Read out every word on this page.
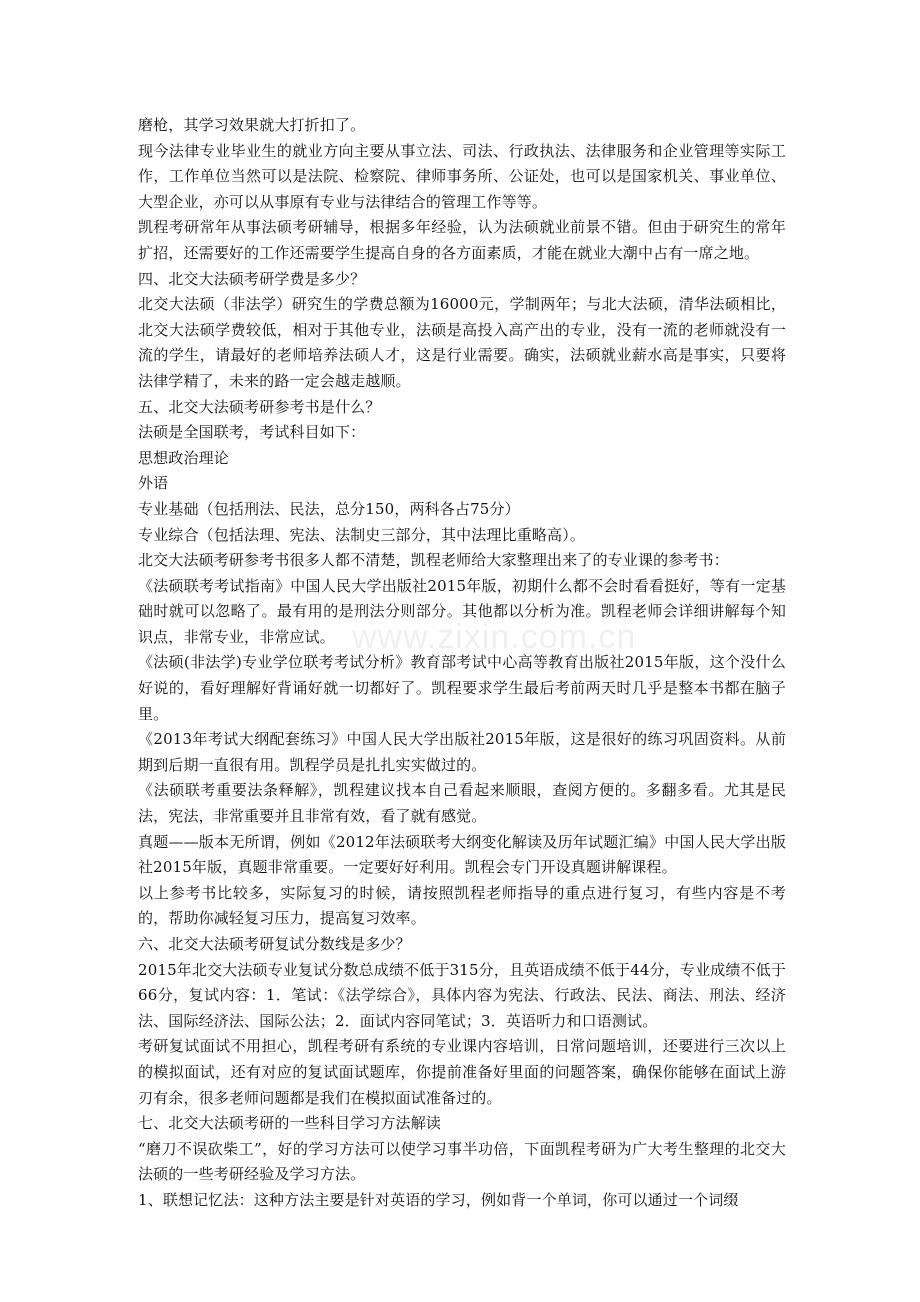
磨枪，其学习效果就大打折扣了。

现今法律专业毕业生的就业方向主要从事立法、司法、行政执法、法律服务和企业管理等实际工作，工作单位当然可以是法院、检察院、律师事务所、公证处，也可以是国家机关、事业单位、大型企业，亦可以从事原有专业与法律结合的管理工作等等。

凯程考研常年从事法硕考研辅导，根据多年经验，认为法硕就业前景不错。但由于研究生的常年扩招，还需要好的工作还需要学生提高自身的各方面素质，才能在就业大潮中占有一席之地。

四、北交大法硕考研学费是多少？

北交大法硕（非法学）研究生的学费总额为16000元，学制两年；与北大法硕，清华法硕相比，北交大法硕学费较低，相对于其他专业，法硕是高投入高产出的专业，没有一流的老师就没有一流的学生，请最好的老师培养法硕人才，这是行业需要。确实，法硕就业薪水高是事实，只要将法律学精了，未来的路一定会越走越顺。

五、北交大法硕考研参考书是什么？

法硕是全国联考，考试科目如下：

思想政治理论

外语

专业基础（包括刑法、民法，总分150，两科各占75分）

专业综合（包括法理、宪法、法制史三部分，其中法理比重略高）。

北交大法硕考研参考书很多人都不清楚，凯程老师给大家整理出来了的专业课的参考书：

《法硕联考考试指南》中国人民大学出版社2015年版，初期什么都不会时看看挺好，等有一定基础时就可以忽略了。最有用的是刑法分则部分。其他都以分析为准。凯程老师会详细讲解每个知识点，非常专业，非常应试。

《法硕(非法学)专业学位联考考试分析》教育部考试中心高等教育出版社2015年版，这个没什么好说的，看好理解好背诵好就一切都好了。凯程要求学生最后考前两天时几乎是整本书都在脑子里。

《2013年考试大纲配套练习》中国人民大学出版社2015年版，这是很好的练习巩固资料。从前期到后期一直很有用。凯程学员是扎扎实实做过的。

《法硕联考重要法条释解》，凯程建议找本自己看起来顺眼，查阅方便的。多翻多看。尤其是民法，宪法，非常重要并且非常有效，看了就有感觉。

真题——版本无所谓，例如《2012年法硕联考大纲变化解读及历年试题汇编》中国人民大学出版社2015年版，真题非常重要。一定要好好利用。凯程会专门开设真题讲解课程。

以上参考书比较多，实际复习的时候，请按照凯程老师指导的重点进行复习，有些内容是不考的，帮助你减轻复习压力，提高复习效率。

六、北交大法硕考研复试分数线是多少？

2015年北交大法硕专业复试分数总成绩不低于315分，且英语成绩不低于44分，专业成绩不低于66分，复试内容：1．笔试：《法学综合》，具体内容为宪法、行政法、民法、商法、刑法、经济法、国际经济法、国际公法；2．面试内容同笔试；3．英语听力和口语测试。

考研复试面试不用担心，凯程考研有系统的专业课内容培训，日常问题培训，还要进行三次以上的模拟面试，还有对应的复试面试题库，你提前准备好里面的问题答案，确保你能够在面试上游刃有余，很多老师问题都是我们在模拟面试准备过的。

七、北交大法硕考研的一些科目学习方法解读

“磨刀不误砍柴工”，好的学习方法可以使学习事半功倍，下面凯程考研为广大考生整理的北交大法硕的一些考研经验及学习方法。

1、联想记忆法：这种方法主要是针对英语的学习，例如背一个单词，你可以通过一个词缀

www.zixin.com.cn
